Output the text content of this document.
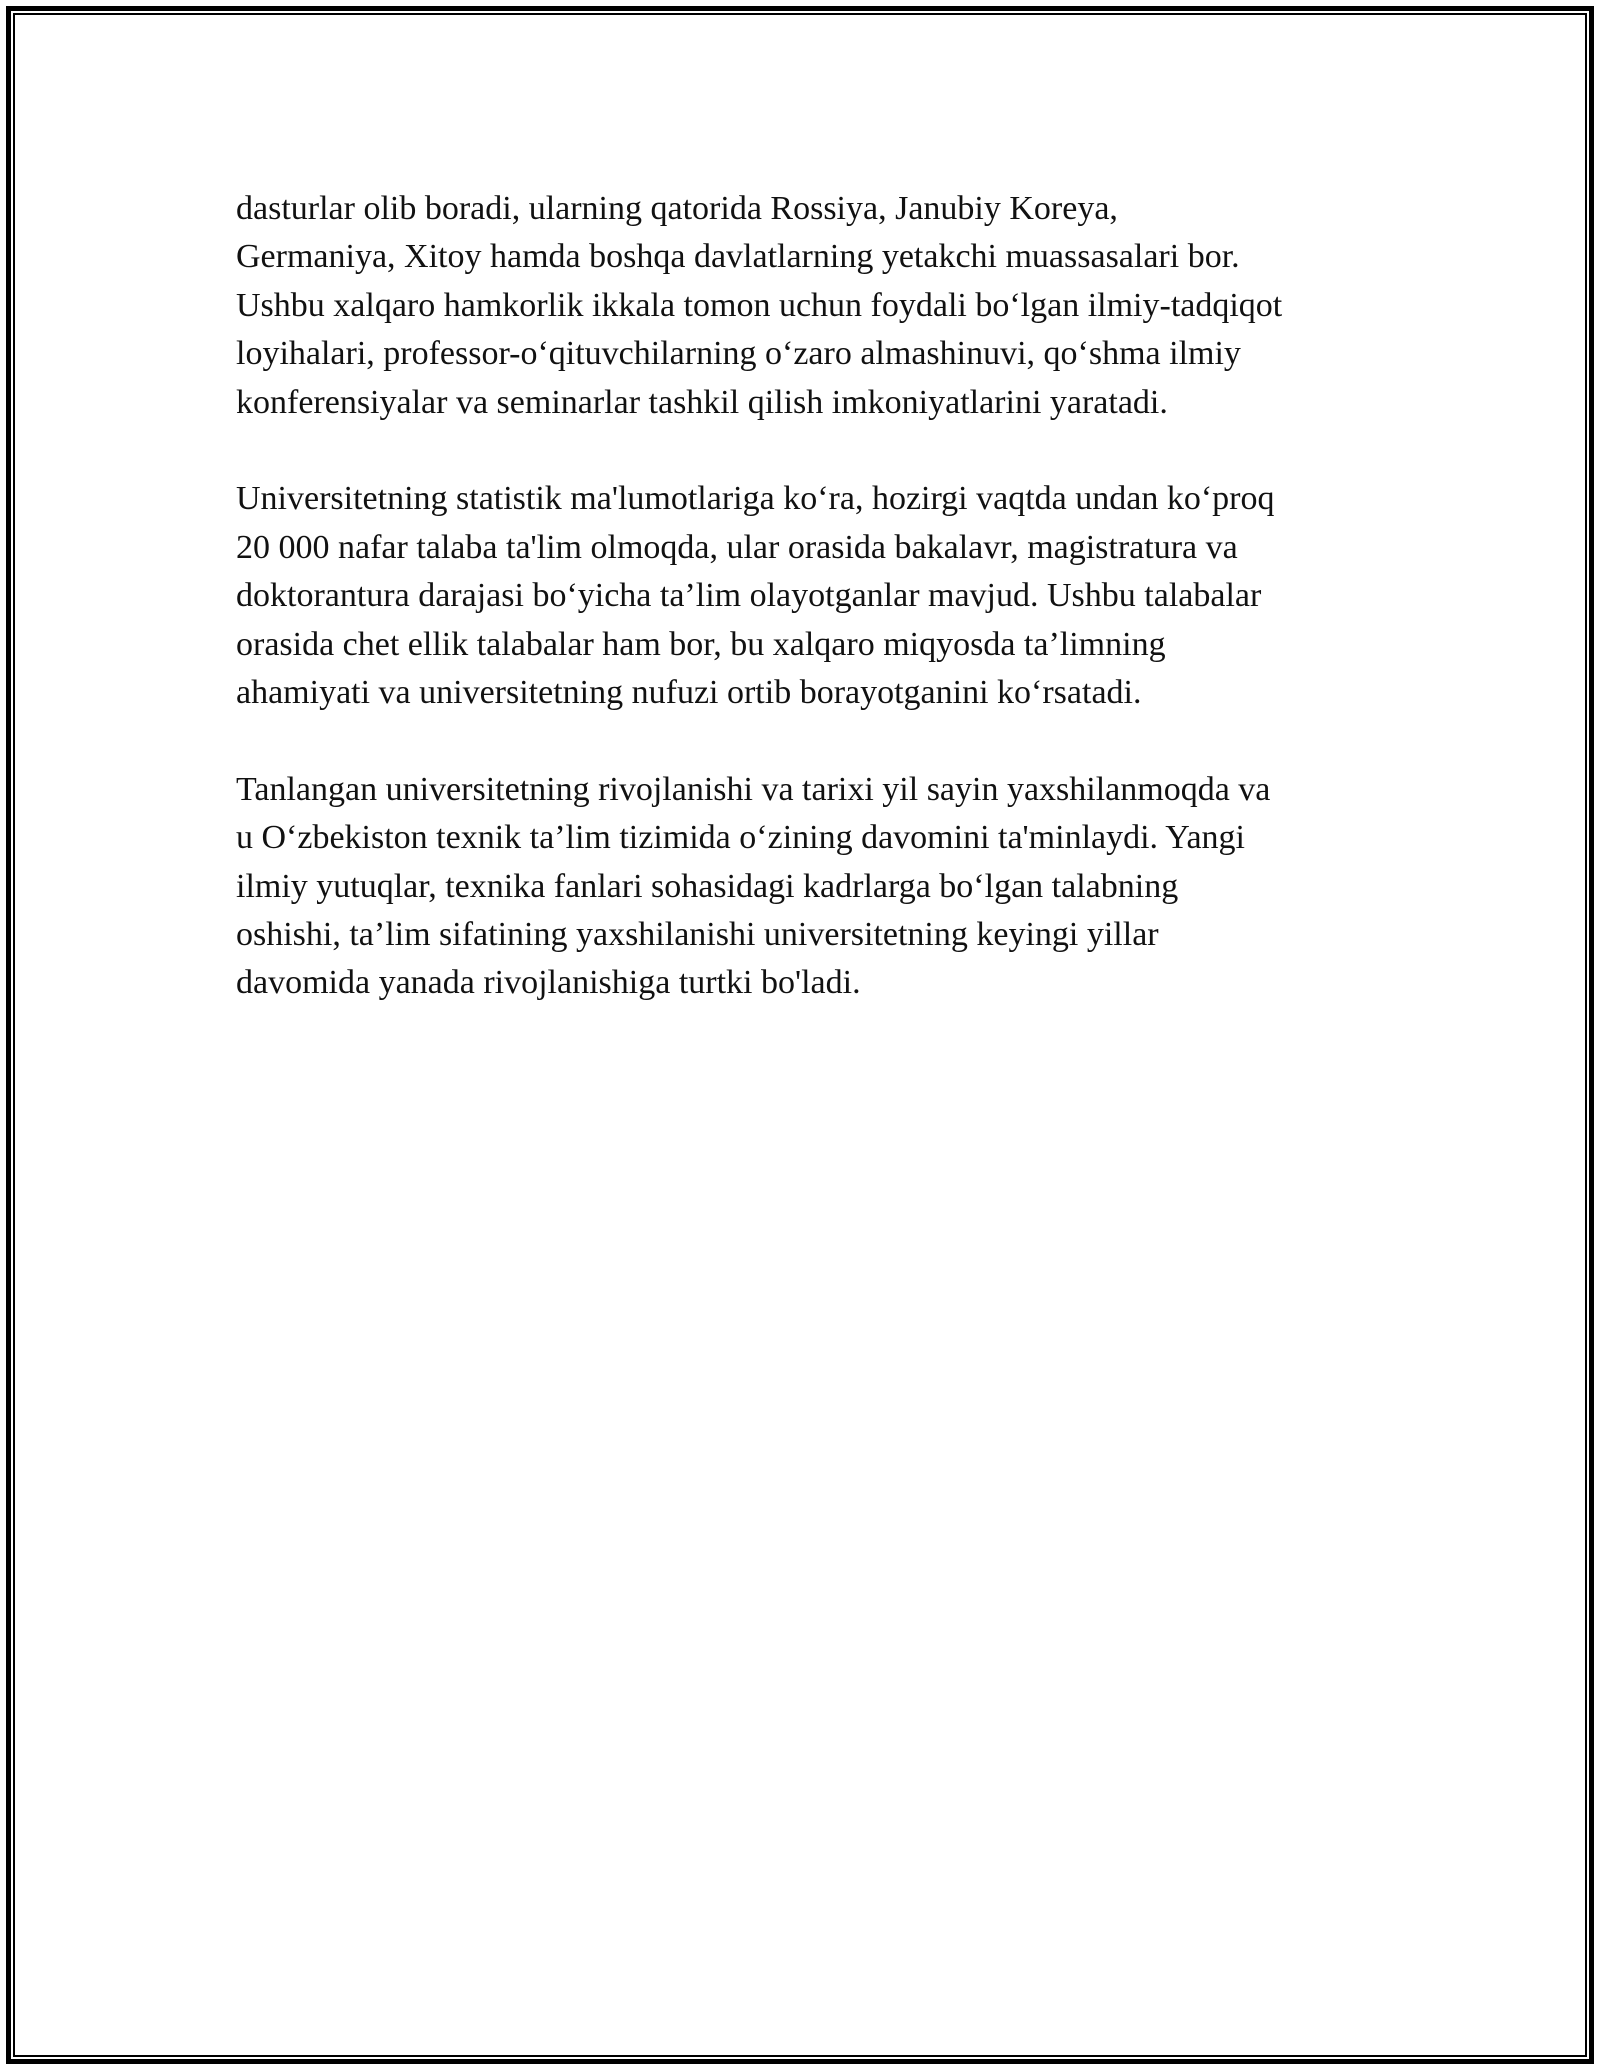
dasturlar olib boradi, ularning qatorida Rossiya, Janubiy Koreya,
Germaniya, Xitoy hamda boshqa davlatlarning yetakchi muassasalari bor.
Ushbu xalqaro hamkorlik ikkala tomon uchun foydali bo‘lgan ilmiy-tadqiqot
loyihalari, professor-o‘qituvchilarning o‘zaro almashinuvi, qo‘shma ilmiy
konferensiyalar va seminarlar tashkil qilish imkoniyatlarini yaratadi.

Universitetning statistik ma'lumotlariga ko‘ra, hozirgi vaqtda undan ko‘proq
20 000 nafar talaba ta'lim olmoqda, ular orasida bakalavr, magistratura va
doktorantura darajasi bo‘yicha ta’lim olayotganlar mavjud. Ushbu talabalar
orasida chet ellik talabalar ham bor, bu xalqaro miqyosda ta’limning
ahamiyati va universitetning nufuzi ortib borayotganini ko‘rsatadi.

Tanlangan universitetning rivojlanishi va tarixi yil sayin yaxshilanmoqda va
u O‘zbekiston texnik ta’lim tizimida o‘zining davomini ta'minlaydi. Yangi
ilmiy yutuqlar, texnika fanlari sohasidagi kadrlarga bo‘lgan talabning
oshishi, ta’lim sifatining yaxshilanishi universitetning keyingi yillar
davomida yanada rivojlanishiga turtki bo'ladi.
